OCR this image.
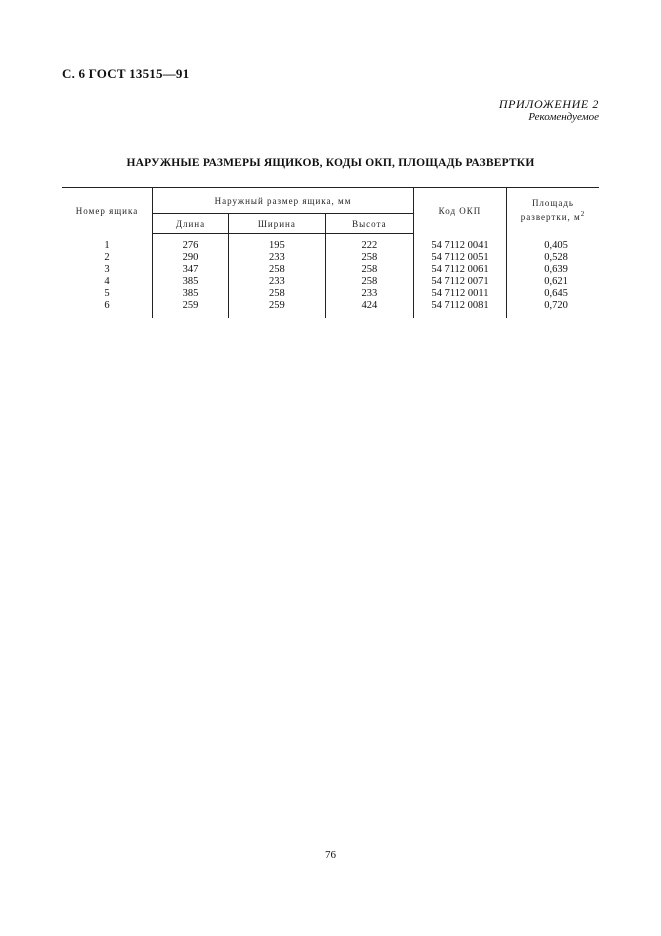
С. 6 ГОСТ 13515—91
ПРИЛОЖЕНИЕ 2
Рекомендуемое
НАРУЖНЫЕ РАЗМЕРЫ ЯЩИКОВ, КОДЫ ОКП, ПЛОЩАДЬ РАЗВЕРТКИ
Номер ящика	Наружный размер ящика, мм			Код ОКП	Площадь
развертки, $м^2$
	Длина	Ширина	Высота		
1	276	195	222	54 7112 0041	0,405
2	290	233	258	54 7112 0051	0,528
3	347	258	258	54 7112 0061	0,639
4	385	233	258	54 7112 0071	0,621
5	385	258	233	54 7112 0011	0,645
6	259	259	424	54 7112 0081	0,720
76
